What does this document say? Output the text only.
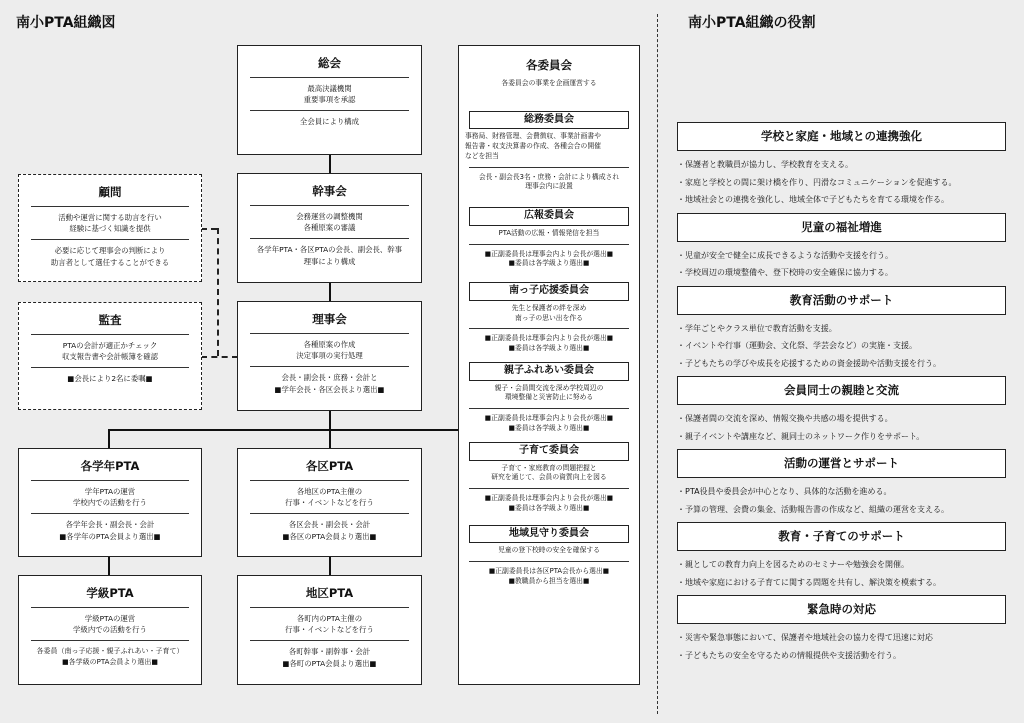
南小PTA組織図	南小PTA組織の役割
総会
最高決議機関
重要事項を承認
全会員により構成
幹事会
会務運営の調整機関
各種原案の審議
各学年PTA・各区PTAの会長、副会長、幹事
理事により構成
理事会
各種原案の作成
決定事項の実行処理
会長・副会長・庶務・会計と
■学年会長・各区会長より選出■
顧問
活動や運営に関する助言を行い
経験に基づく知識を提供
必要に応じて理事会の判断により
助言者として選任することができる
監査
PTAの会計が適正かチェック
収支報告書や会計帳簿を確認
■会長により2名に委嘱■
各学年PTA
学年PTAの運営
学校内での活動を行う
各学年会長・副会長・会計
■各学年のPTA会員より選出■
各区PTA
各地区のPTA主催の
行事・イベントなどを行う
各区会長・副会長・会計
■各区のPTA会員より選出■
学級PTA
学級PTAの運営
学級内での活動を行う
各委員（南っ子応援・親子ふれあい・子育て）
■各学級のPTA会員より選出■
地区PTA
各町内のPTA主催の
行事・イベントなどを行う
各町幹事・副幹事・会計
■各町のPTA会員より選出■
各委員会
各委員会の事業を企画運営する
総務委員会
事務局、財務管理、会費徴収、事業計画書や
報告書・収支決算書の作成、各種会合の開催
などを担当
会長・副会長3名・庶務・会計により構成され
理事会内に設置
広報委員会
PTA活動の広報・情報発信を担当
■正副委員長は理事会内より会長が選出■
■委員は各学級より選出■
南っ子応援委員会
先生と保護者の絆を深め
南っ子の思い出を作る
■正副委員長は理事会内より会長が選出■
■委員は各学級より選出■
親子ふれあい委員会
親子・会員間交流を深め学校周辺の
環境整備と災害防止に努める
■正副委員長は理事会内より会長が選出■
■委員は各学級より選出■
子育て委員会
子育て・家庭教育の問題把握と
研究を通じて、会員の資質向上を図る
■正副委員長は理事会内より会長が選出■
■委員は各学級より選出■
地域見守り委員会
児童の登下校時の安全を確保する
■正副委員長は各区PTA会長から選出■
■教職員から担当を選出■
学校と家庭・地域との連携強化
・保護者と教職員が協力し、学校教育を支える。
・家庭と学校との間に架け橋を作り、円滑なコミュニケーションを促進する。
・地域社会との連携を強化し、地域全体で子どもたちを育てる環境を作る。
児童の福祉増進
・児童が安全で健全に成長できるような活動や支援を行う。
・学校周辺の環境整備や、登下校時の安全確保に協力する。
教育活動のサポート
・学年ごとやクラス単位で教育活動を支援。
・イベントや行事（運動会、文化祭、学芸会など）の実施・支援。
・子どもたちの学びや成長を応援するための資金援助や活動支援を行う。
会員同士の親睦と交流
・保護者間の交流を深め、情報交換や共感の場を提供する。
・親子イベントや講座など、親同士のネットワーク作りをサポート。
活動の運営とサポート
・PTA役員や委員会が中心となり、具体的な活動を進める。
・予算の管理、会費の集金、活動報告書の作成など、組織の運営を支える。
教育・子育てのサポート
・親としての教育力向上を図るためのセミナーや勉強会を開催。
・地域や家庭における子育てに関する問題を共有し、解決策を模索する。
緊急時の対応
・災害や緊急事態において、保護者や地域社会の協力を得て迅速に対応
・子どもたちの安全を守るための情報提供や支援活動を行う。
